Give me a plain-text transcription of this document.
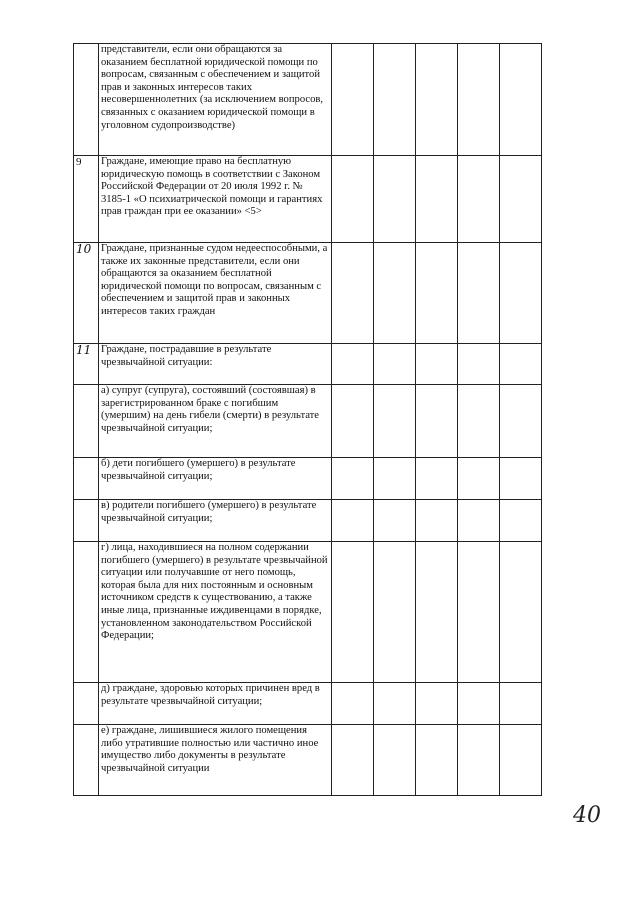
	представители, если они обращаются за оказанием бесплатной юридической помощи по вопросам, связанным с обеспечением и защитой прав и законных интересов таких несовершеннолетних (за исключением вопросов, связанных с оказанием юридической помощи в уголовном судопроизводстве)					
9	Граждане, имеющие право на бесплатную юридическую помощь в соответствии с Законом Российской Федерации от 20 июля 1992 г. № 3185-1 «О психиатрической помощи и гарантиях прав граждан при ее оказании» <5>					
10	Граждане, признанные судом недееспособными, а также их законные представители, если они обращаются за оказанием бесплатной юридической помощи по вопросам, связанным с обеспечением и защитой прав и законных интересов таких граждан					
11	Граждане, пострадавшие в результате чрезвычайной ситуации:					
	а) супруг (супруга), состоявший (состоявшая) в зарегистрированном браке с погибшим (умершим) на день гибели (смерти) в результате чрезвычайной ситуации;					
	б) дети погибшего (умершего) в результате чрезвычайной ситуации;					
	в) родители погибшего (умершего) в результате чрезвычайной ситуации;					
	г) лица, находившиеся на полном содержании погибшего (умершего) в результате чрезвычайной ситуации или получавшие от него помощь, которая была для них постоянным и основным источником средств к существованию, а также иные лица, признанные иждивенцами в порядке, установленном законодательством Российской Федерации;					
	д) граждане, здоровью которых причинен вред в результате чрезвычайной ситуации;					
	е) граждане, лишившиеся жилого помещения либо утратившие полностью или частично иное имущество либо документы в результате чрезвычайной ситуации					
40
